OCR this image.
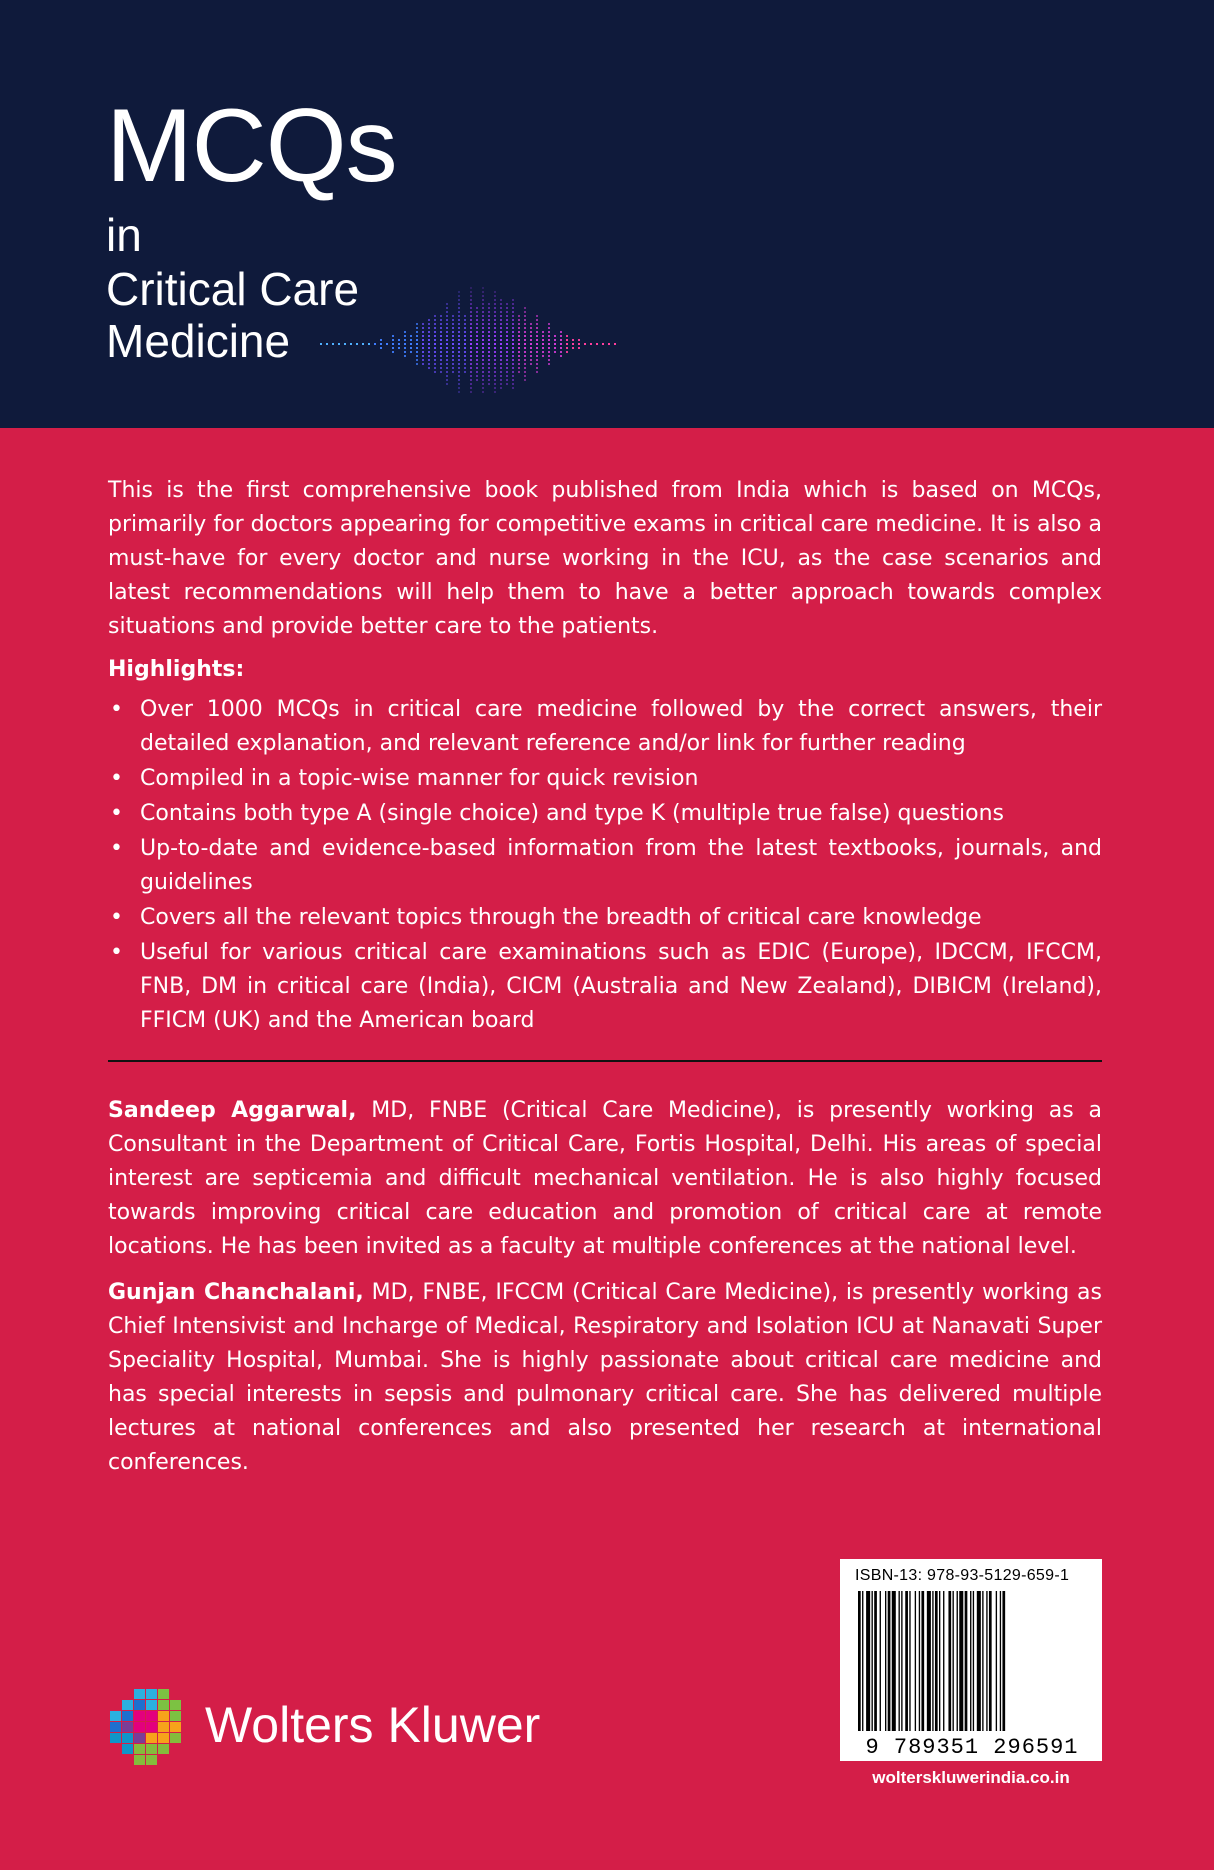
MCQs
in
Critical Care
Medicine
This is the first comprehensive book published from India which is based on MCQs, primarily for doctors appearing for competitive exams in critical care medicine. It is also a must-have for every doctor and nurse working in the ICU, as the case scenarios and latest recommendations will help them to have a better approach towards complex situations and provide better care to the patients.
Highlights:
• Over 1000 MCQs in critical care medicine followed by the correct answers, their detailed explanation, and relevant reference and/or link for further reading
• Compiled in a topic-wise manner for quick revision
• Contains both type A (single choice) and type K (multiple true false) questions
• Up-to-date and evidence-based information from the latest textbooks, journals, and guidelines
• Covers all the relevant topics through the breadth of critical care knowledge
• Useful for various critical care examinations such as EDIC (Europe), IDCCM, IFCCM, FNB, DM in critical care (India), CICM (Australia and New Zealand), DIBICM (Ireland), FFICM (UK) and the American board
Sandeep Aggarwal, MD, FNBE (Critical Care Medicine), is presently working as a Consultant in the Department of Critical Care, Fortis Hospital, Delhi. His areas of special interest are septicemia and difficult mechanical ventilation. He is also highly focused towards improving critical care education and promotion of critical care at remote locations. He has been invited as a faculty at multiple conferences at the national level.
Gunjan Chanchalani, MD, FNBE, IFCCM (Critical Care Medicine), is presently working as Chief Intensivist and Incharge of Medical, Respiratory and Isolation ICU at Nanavati Super Speciality Hospital, Mumbai. She is highly passionate about critical care medicine and has special interests in sepsis and pulmonary critical care. She has delivered multiple lectures at national conferences and also presented her research at international conferences.
ISBN-13: 978-93-5129-659-1
9 789351 296591
wolterskluwerindia.co.in
Wolters Kluwer
